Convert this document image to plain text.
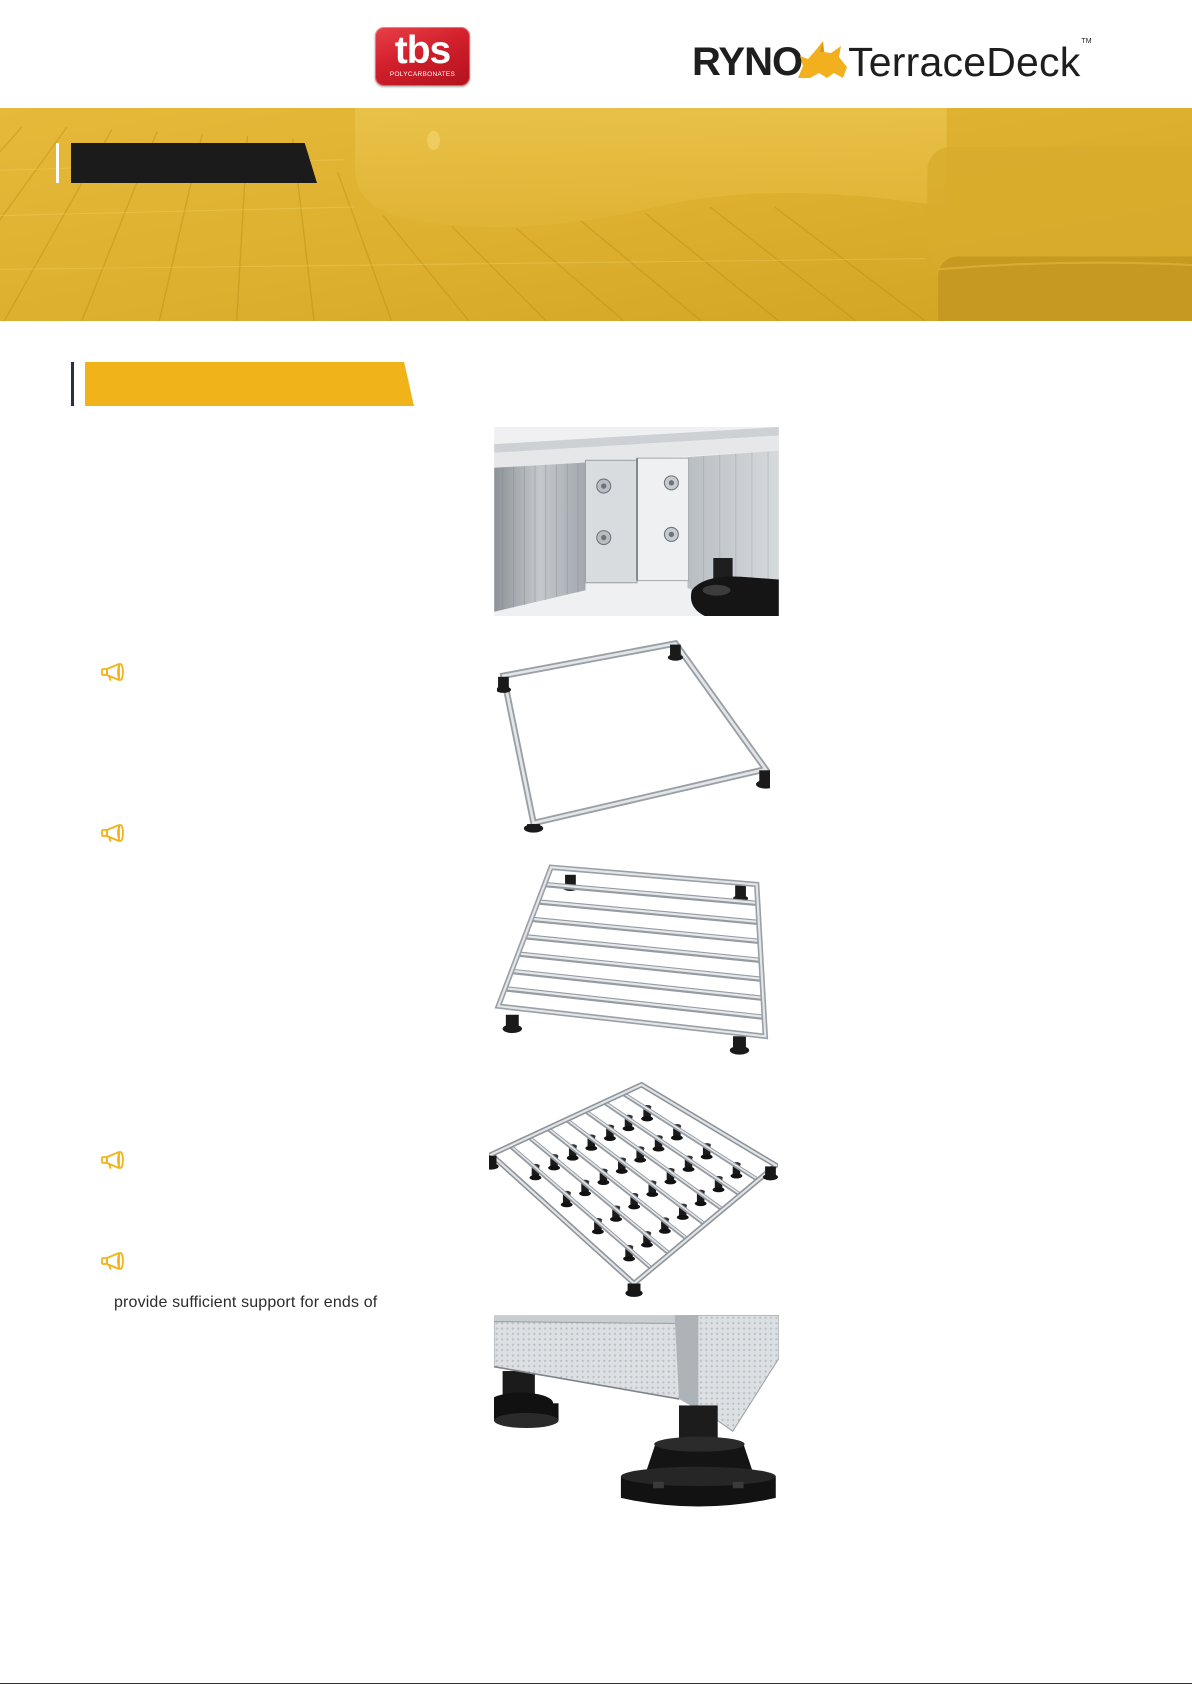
tbs
POLYCARBONATES	RYNO TerraceDeck TM
provide sufficient support for ends of
